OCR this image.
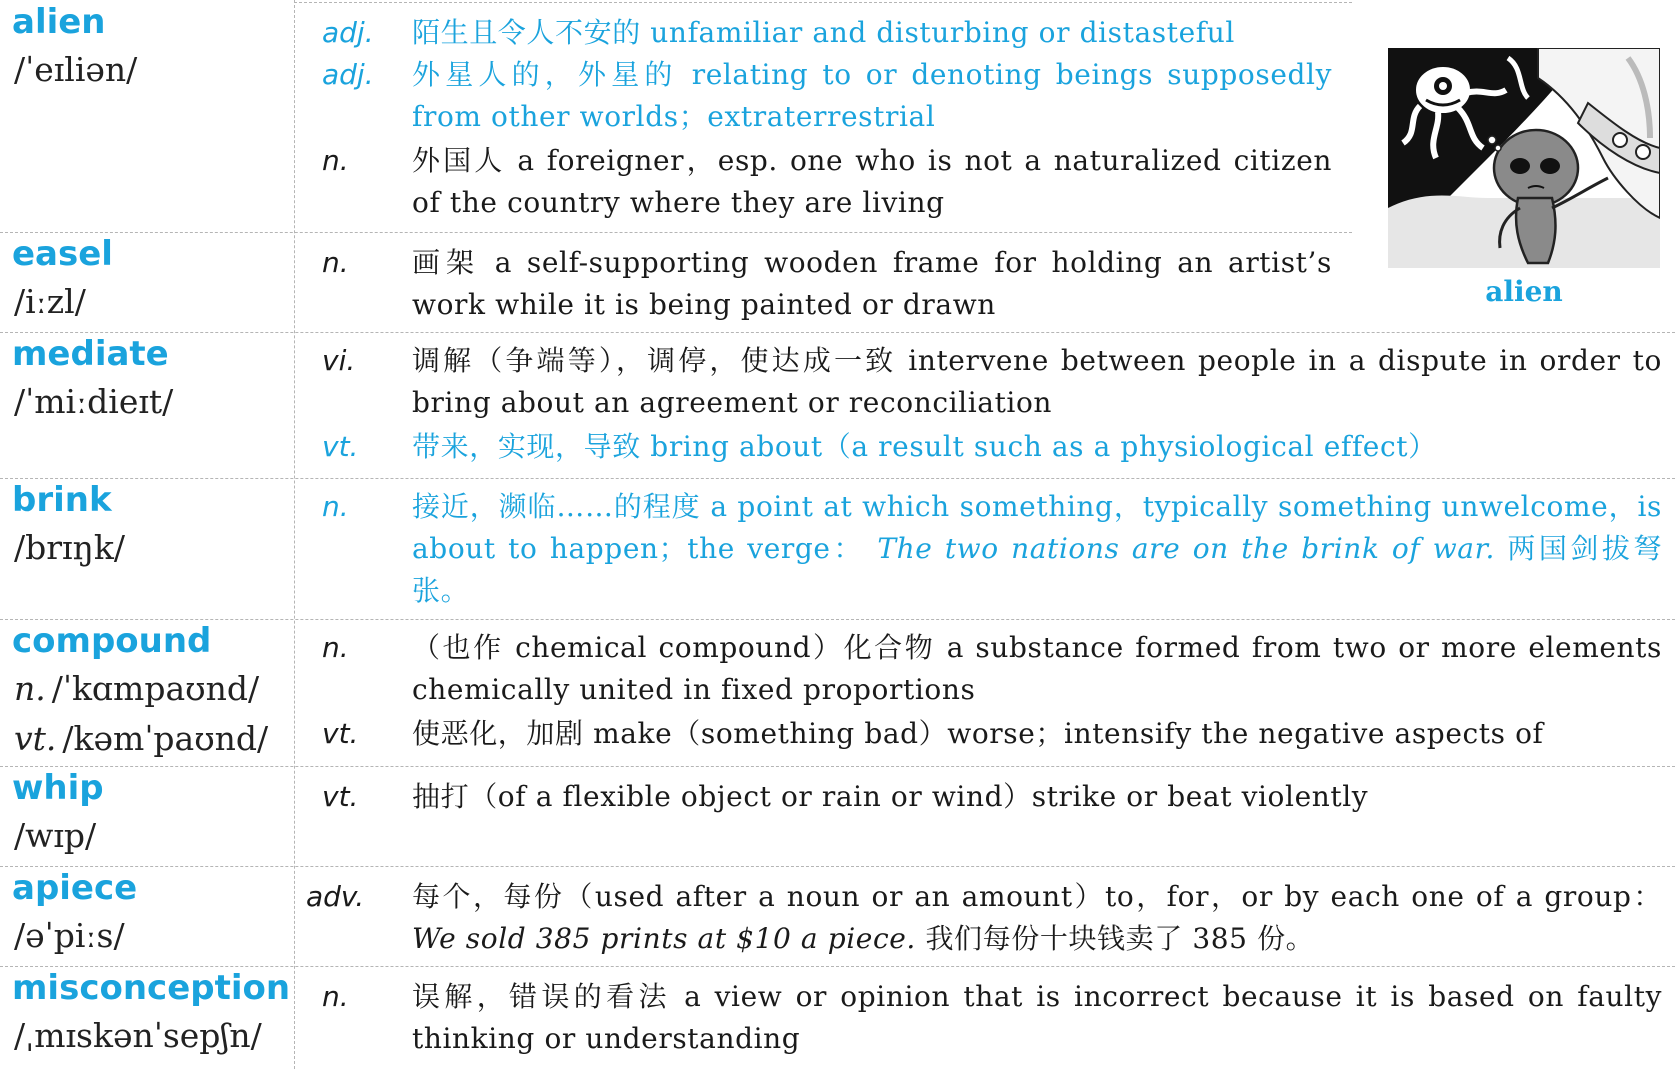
alien
/ˈeɪliən/
adj. 陌生且令人不安的 unfamiliar and disturbing or distasteful
adj. 外星人的，外星的 relating to or denoting beings supposedly from other worlds；extraterrestrial
n. 外国人 a foreigner，esp. one who is not a naturalized citizen of the country where they are living
easel
/iːzl/
n. 画架 a self-supporting wooden frame for holding an artist’s work while it is being painted or drawn
mediate
/ˈmiːdieɪt/
vi. 调解（争端等），调停，使达成一致 intervene between people in a dispute in order to bring about an agreement or reconciliation
vt. 带来，实现，导致 bring about（a result such as a physiological effect）
brink
/brɪŋk/
n. 接近，濒临……的程度 a point at which something，typically something unwelcome，is about to happen；the verge： The two nations are on the brink of war. 两国剑拔弩张。
compound
n. /ˈkɑmpaʊnd/
vt. /kəmˈpaʊnd/
n. （也作 chemical compound）化合物 a substance formed from two or more elements chemically united in fixed proportions
vt. 使恶化，加剧 make（something bad）worse；intensify the negative aspects of
whip
/wɪp/
vt. 抽打（of a flexible object or rain or wind）strike or beat violently
apiece
/əˈpiːs/
adv. 每个，每份（used after a noun or an amount）to，for，or by each one of a group： We sold 385 prints at $10 a piece. 我们每份十块钱卖了 385 份。
misconception
/ˌmɪskənˈsepʃn/
n. 误解，错误的看法 a view or opinion that is incorrect because it is based on faulty thinking or understanding
alien
